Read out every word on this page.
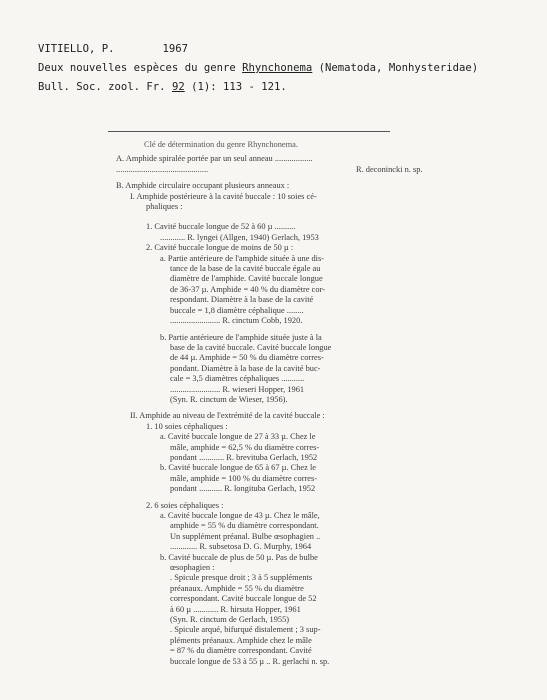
VITIELLO, P.	1967
Deux nouvelles espèces du genre Rhynchonema (Nematoda, Monhysteridae)
Bull. Soc. zool. Fr. 92 (1): 113 - 121.
Clé de détermination du genre Rhynchonema.
A. Amphide spiralée portée par un seul anneau ..................
............................................	R. deconincki n. sp.
B. Amphide circulaire occupant plusieurs anneaux :
I. Amphide postérieure à la cavité buccale : 10 soies cé-
phaliques :
1. Cavité buccale longue de 52 à 60 µ ..........
............ R. lyngei (Allgen, 1940) Gerlach, 1953
2. Cavité buccale longue de moins de 50 µ :
a. Partie antérieure de l'amphide située à une dis-
tance de la base de la cavité buccale égale au
diamètre de l'amphide. Cavité buccale longue
de 36-37 µ. Amphide = 40 % du diamètre cor-
respondant. Diamètre à la base de la cavité
buccale = 1,8 diamètre céphalique ........
........................ R. cinctum Cobb, 1920.
b. Partie antérieure de l'amphide située juste à la
base de la cavité buccale. Cavité buccale longue
de 44 µ. Amphide = 50 % du diamètre corres-
pondant. Diamètre à la base de la cavité buc-
cale = 3,5 diamètres céphaliques ...........
........................ R. wieseri Hopper, 1961
(Syn. R. cinctum de Wieser, 1956).
II. Amphide au niveau de l'extrémité de la cavité buccale :
1. 10 soies céphaliques :
a. Cavité buccale longue de 27 à 33 µ. Chez le
mâle, amphide = 62,5 % du diamètre corres-
pondant ............ R. brevituba Gerlach, 1952
b. Cavité buccale longue de 65 à 67 µ. Chez le
mâle, amphide = 100 % du diamètre corres-
pondant ........... R. longituba Gerlach, 1952
2. 6 soies céphaliques :
a. Cavité buccale longue de 43 µ. Chez le mâle,
amphide = 55 % du diamètre correspondant.
Un supplément préanal. Bulbe œsophagien ..
............. R. subsetosa D. G. Murphy, 1964
b. Cavité buccale de plus de 50 µ. Pas de bulbe
œsophagien :
. Spicule presque droit ; 3 à 5 suppléments
préanaux. Amphide = 55 % du diamètre
correspondant. Cavité buccale longue de 52
à 60 µ ............ R. hirsuta Hopper, 1961
(Syn. R. cinctum de Gerlach, 1955)
. Spicule arqué, bifurqué distalement ; 3 sup-
pléments préanaux. Amphide chez le mâle
= 87 % du diamètre correspondant. Cavité
buccale longue de 53 à 55 µ .. R. gerlachi n. sp.
